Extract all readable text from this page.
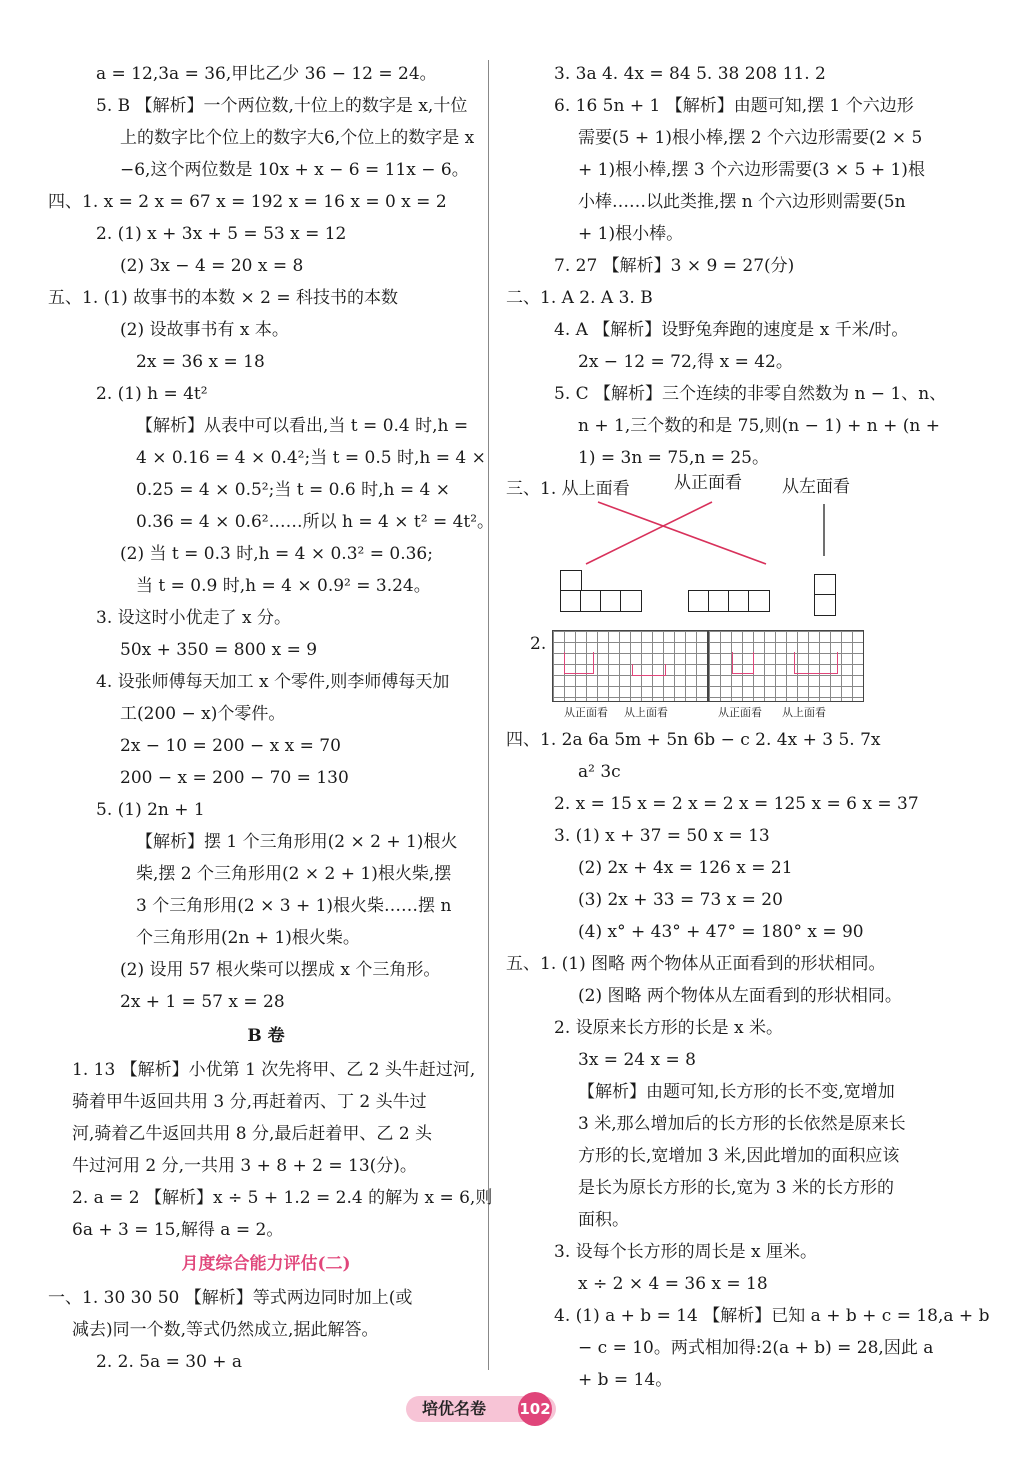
a = 12,3a = 36,甲比乙少 36 − 12 = 24。
5. B 【解析】一个两位数,十位上的数字是 x,十位
上的数字比个位上的数字大6,个位上的数字是 x
−6,这个两位数是 10x + x − 6 = 11x − 6。
四、1. x = 2 x = 67 x = 192 x = 16 x = 0 x = 2
2. (1) x + 3x + 5 = 53 x = 12
(2) 3x − 4 = 20 x = 8
五、1. (1) 故事书的本数 × 2 = 科技书的本数
(2) 设故事书有 x 本。
2x = 36 x = 18
2. (1) h = 4t²
【解析】从表中可以看出,当 t = 0.4 时,h =
4 × 0.16 = 4 × 0.4²;当 t = 0.5 时,h = 4 ×
0.25 = 4 × 0.5²;当 t = 0.6 时,h = 4 ×
0.36 = 4 × 0.6²……所以 h = 4 × t² = 4t²。
(2) 当 t = 0.3 时,h = 4 × 0.3² = 0.36;
当 t = 0.9 时,h = 4 × 0.9² = 3.24。
3. 设这时小优走了 x 分。
50x + 350 = 800 x = 9
4. 设张师傅每天加工 x 个零件,则李师傅每天加
工(200 − x)个零件。
2x − 10 = 200 − x x = 70
200 − x = 200 − 70 = 130
5. (1) 2n + 1
【解析】摆 1 个三角形用(2 × 2 + 1)根火
柴,摆 2 个三角形用(2 × 2 + 1)根火柴,摆
3 个三角形用(2 × 3 + 1)根火柴……摆 n
个三角形用(2n + 1)根火柴。
(2) 设用 57 根火柴可以摆成 x 个三角形。
2x + 1 = 57 x = 28
B 卷
1. 13 【解析】小优第 1 次先将甲、乙 2 头牛赶过河,
骑着甲牛返回共用 3 分,再赶着丙、丁 2 头牛过
河,骑着乙牛返回共用 8 分,最后赶着甲、乙 2 头
牛过河用 2 分,一共用 3 + 8 + 2 = 13(分)。
2. a = 2 【解析】x ÷ 5 + 1.2 = 2.4 的解为 x = 6,则
6a + 3 = 15,解得 a = 2。
月度综合能力评估(二)
一、1. 30 30 50 【解析】等式两边同时加上(或
减去)同一个数,等式仍然成立,据此解答。
2. 2. 5a = 30 + a
3. 3a 4. 4x = 84 5. 38 208 11. 2
6. 16 5n + 1 【解析】由题可知,摆 1 个六边形
需要(5 + 1)根小棒,摆 2 个六边形需要(2 × 5
+ 1)根小棒,摆 3 个六边形需要(3 × 5 + 1)根
小棒……以此类推,摆 n 个六边形则需要(5n
+ 1)根小棒。
7. 27 【解析】3 × 9 = 27(分)
二、1. A 2. A 3. B
4. A 【解析】设野兔奔跑的速度是 x 千米/时。
2x − 12 = 72,得 x = 42。
5. C 【解析】三个连续的非零自然数为 n − 1、n、
n + 1,三个数的和是 75,则(n − 1) + n + (n +
1) = 3n = 75,n = 25。
三、1. 从上面看	从正面看 从左面看
2.
从正面看 从上面看	从正面看 从上面看
四、1. 2a 6a 5m + 5n 6b − c 2. 4x + 3 5. 7x
a² 3c
2. x = 15 x = 2 x = 2 x = 125 x = 6 x = 37
3. (1) x + 37 = 50 x = 13
(2) 2x + 4x = 126 x = 21
(3) 2x + 33 = 73 x = 20
(4) x° + 43° + 47° = 180° x = 90
五、1. (1) 图略 两个物体从正面看到的形状相同。
(2) 图略 两个物体从左面看到的形状相同。
2. 设原来长方形的长是 x 米。
3x = 24 x = 8
【解析】由题可知,长方形的长不变,宽增加
3 米,那么增加后的长方形的长依然是原来长
方形的长,宽增加 3 米,因此增加的面积应该
是长为原长方形的长,宽为 3 米的长方形的
面积。
3. 设每个长方形的周长是 x 厘米。
x ÷ 2 × 4 = 36 x = 18
4. (1) a + b = 14 【解析】已知 a + b + c = 18,a + b
− c = 10。两式相加得:2(a + b) = 28,因此 a
+ b = 14。
培优名卷 102
